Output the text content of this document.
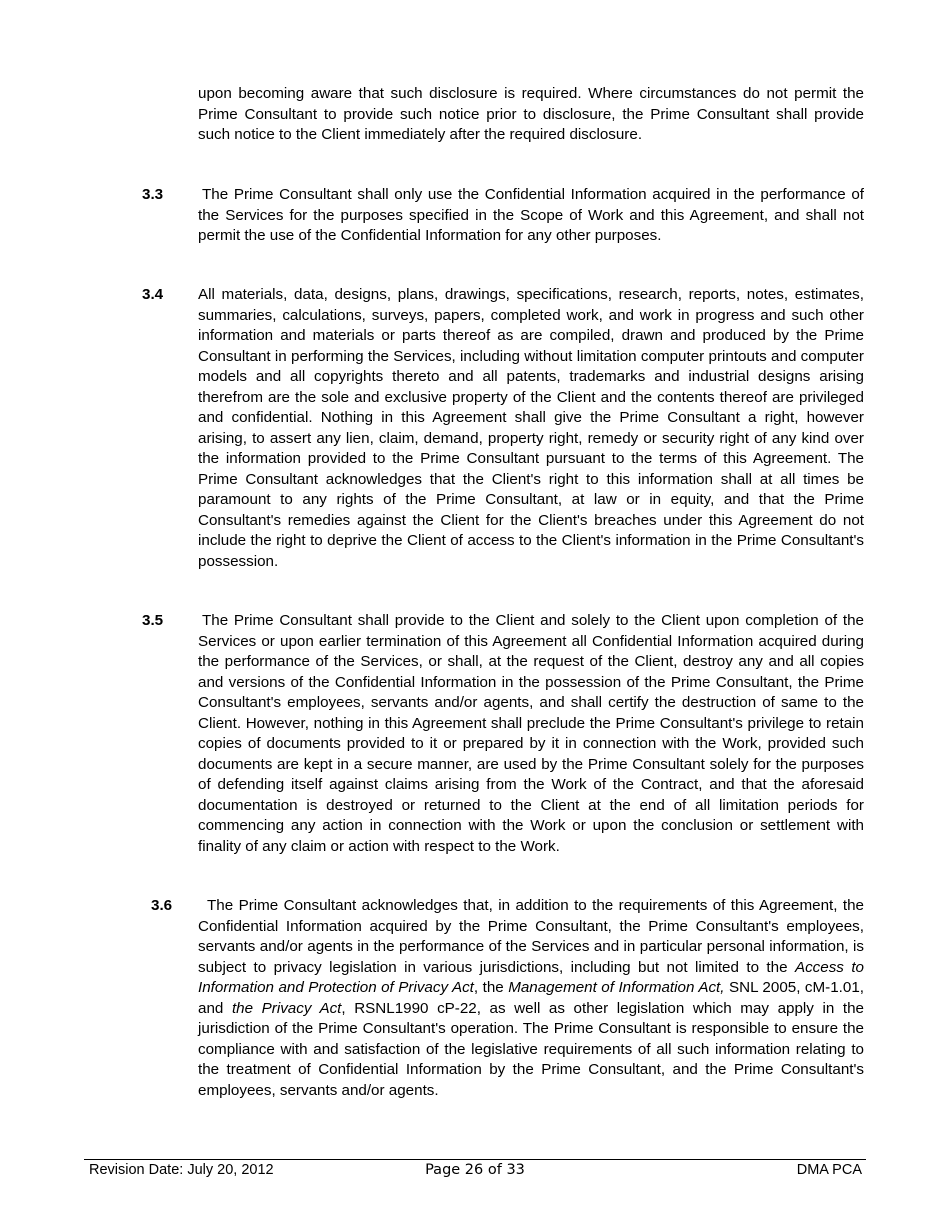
upon becoming aware that such disclosure is required. Where circumstances do not permit the Prime Consultant to provide such notice prior to disclosure, the Prime Consultant shall provide such notice to the Client immediately after the required disclosure.
3.3	The Prime Consultant shall only use the Confidential Information acquired in the performance of the Services for the purposes specified in the Scope of Work and this Agreement, and shall not permit the use of the Confidential Information for any other purposes.
3.4 All materials, data, designs, plans, drawings, specifications, research, reports, notes, estimates, summaries, calculations, surveys, papers, completed work, and work in progress and such other information and materials or parts thereof as are compiled, drawn and produced by the Prime Consultant in performing the Services, including without limitation computer printouts and computer models and all copyrights thereto and all patents, trademarks and industrial designs arising therefrom are the sole and exclusive property of the Client and the contents thereof are privileged and confidential. Nothing in this Agreement shall give the Prime Consultant a right, however arising, to assert any lien, claim, demand, property right, remedy or security right of any kind over the information provided to the Prime Consultant pursuant to the terms of this Agreement. The Prime Consultant acknowledges that the Client's right to this information shall at all times be paramount to any rights of the Prime Consultant, at law or in equity, and that the Prime Consultant's remedies against the Client for the Client's breaches under this Agreement do not include the right to deprive the Client of access to the Client's information in the Prime Consultant's possession.
3.5	The Prime Consultant shall provide to the Client and solely to the Client upon completion of the Services or upon earlier termination of this Agreement all Confidential Information acquired during the performance of the Services, or shall, at the request of the Client, destroy any and all copies and versions of the Confidential Information in the possession of the Prime Consultant, the Prime Consultant's employees, servants and/or agents, and shall certify the destruction of same to the Client. However, nothing in this Agreement shall preclude the Prime Consultant's privilege to retain copies of documents provided to it or prepared by it in connection with the Work, provided such documents are kept in a secure manner, are used by the Prime Consultant solely for the purposes of defending itself against claims arising from the Work of the Contract, and that the aforesaid documentation is destroyed or returned to the Client at the end of all limitation periods for commencing any action in connection with the Work or upon the conclusion or settlement with finality of any claim or action with respect to the Work.
3.6	The Prime Consultant acknowledges that, in addition to the requirements of this Agreement, the Confidential Information acquired by the Prime Consultant, the Prime Consultant's employees, servants and/or agents in the performance of the Services and in particular personal information, is subject to privacy legislation in various jurisdictions, including but not limited to the Access to Information and Protection of Privacy Act, the Management of Information Act, SNL 2005, cM-1.01, and the Privacy Act, RSNL1990 cP-22, as well as other legislation which may apply in the jurisdiction of the Prime Consultant's operation. The Prime Consultant is responsible to ensure the compliance with and satisfaction of the legislative requirements of all such information relating to the treatment of Confidential Information by the Prime Consultant, and the Prime Consultant's employees, servants and/or agents.
Revision Date: July 20, 2012	Page 26 of 33	DMA PCA
